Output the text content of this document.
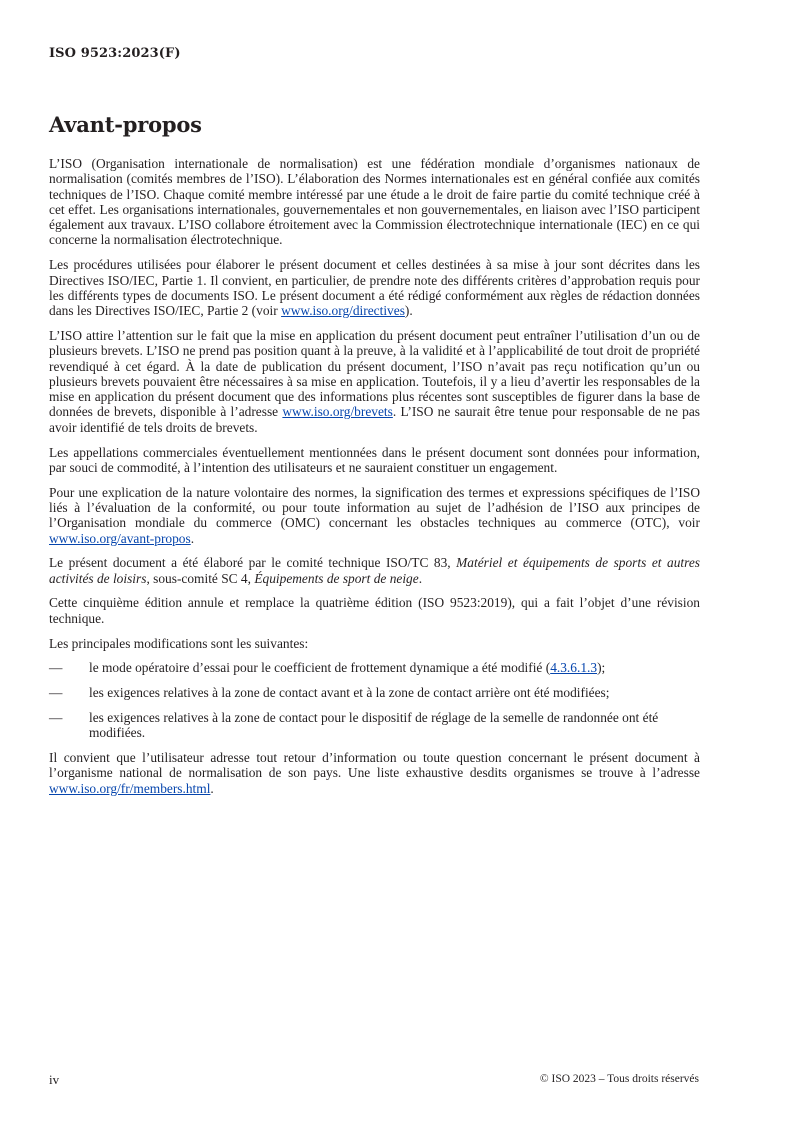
ISO 9523:2023(F)
Avant-propos

L’ISO (Organisation internationale de normalisation) est une fédération mondiale d’organismes nationaux de normalisation (comités membres de l’ISO). L’élaboration des Normes internationales est en général confiée aux comités techniques de l’ISO. Chaque comité membre intéressé par une étude a le droit de faire partie du comité technique créé à cet effet. Les organisations internationales, gouvernementales et non gouvernementales, en liaison avec l’ISO participent également aux travaux. L’ISO collabore étroitement avec la Commission électrotechnique internationale (IEC) en ce qui concerne la normalisation électrotechnique.

Les procédures utilisées pour élaborer le présent document et celles destinées à sa mise à jour sont décrites dans les Directives ISO/IEC, Partie 1. Il convient, en particulier, de prendre note des différents critères d’approbation requis pour les différents types de documents ISO. Le présent document a été rédigé conformément aux règles de rédaction données dans les Directives ISO/IEC, Partie 2 (voir www.iso.org/directives).

L’ISO attire l’attention sur le fait que la mise en application du présent document peut entraîner l’utilisation d’un ou de plusieurs brevets. L’ISO ne prend pas position quant à la preuve, à la validité et à l’applicabilité de tout droit de propriété revendiqué à cet égard. À la date de publication du présent document, l’ISO n’avait pas reçu notification qu’un ou plusieurs brevets pouvaient être nécessaires à sa mise en application. Toutefois, il y a lieu d’avertir les responsables de la mise en application du présent document que des informations plus récentes sont susceptibles de figurer dans la base de données de brevets, disponible à l’adresse www.iso.org/brevets. L’ISO ne saurait être tenue pour responsable de ne pas avoir identifié de tels droits de brevets.

Les appellations commerciales éventuellement mentionnées dans le présent document sont données pour information, par souci de commodité, à l’intention des utilisateurs et ne sauraient constituer un engagement.

Pour une explication de la nature volontaire des normes, la signification des termes et expressions spécifiques de l’ISO liés à l’évaluation de la conformité, ou pour toute information au sujet de l’adhésion de l’ISO aux principes de l’Organisation mondiale du commerce (OMC) concernant les obstacles techniques au commerce (OTC), voir www.iso.org/avant-propos.

Le présent document a été élaboré par le comité technique ISO/TC 83, Matériel et équipements de sports et autres activités de loisirs, sous-comité SC 4, Équipements de sport de neige.

Cette cinquième édition annule et remplace la quatrième édition (ISO 9523:2019), qui a fait l’objet d’une révision technique.

Les principales modifications sont les suivantes:

— le mode opératoire d’essai pour le coefficient de frottement dynamique a été modifié (4.3.6.1.3);
— les exigences relatives à la zone de contact avant et à la zone de contact arrière ont été modifiées;
— les exigences relatives à la zone de contact pour le dispositif de réglage de la semelle de randonnée ont été modifiées.

Il convient que l’utilisateur adresse tout retour d’information ou toute question concernant le présent document à l’organisme national de normalisation de son pays. Une liste exhaustive desdits organismes se trouve à l’adresse www.iso.org/fr/members.html.

iv	© ISO 2023 – Tous droits réservés
